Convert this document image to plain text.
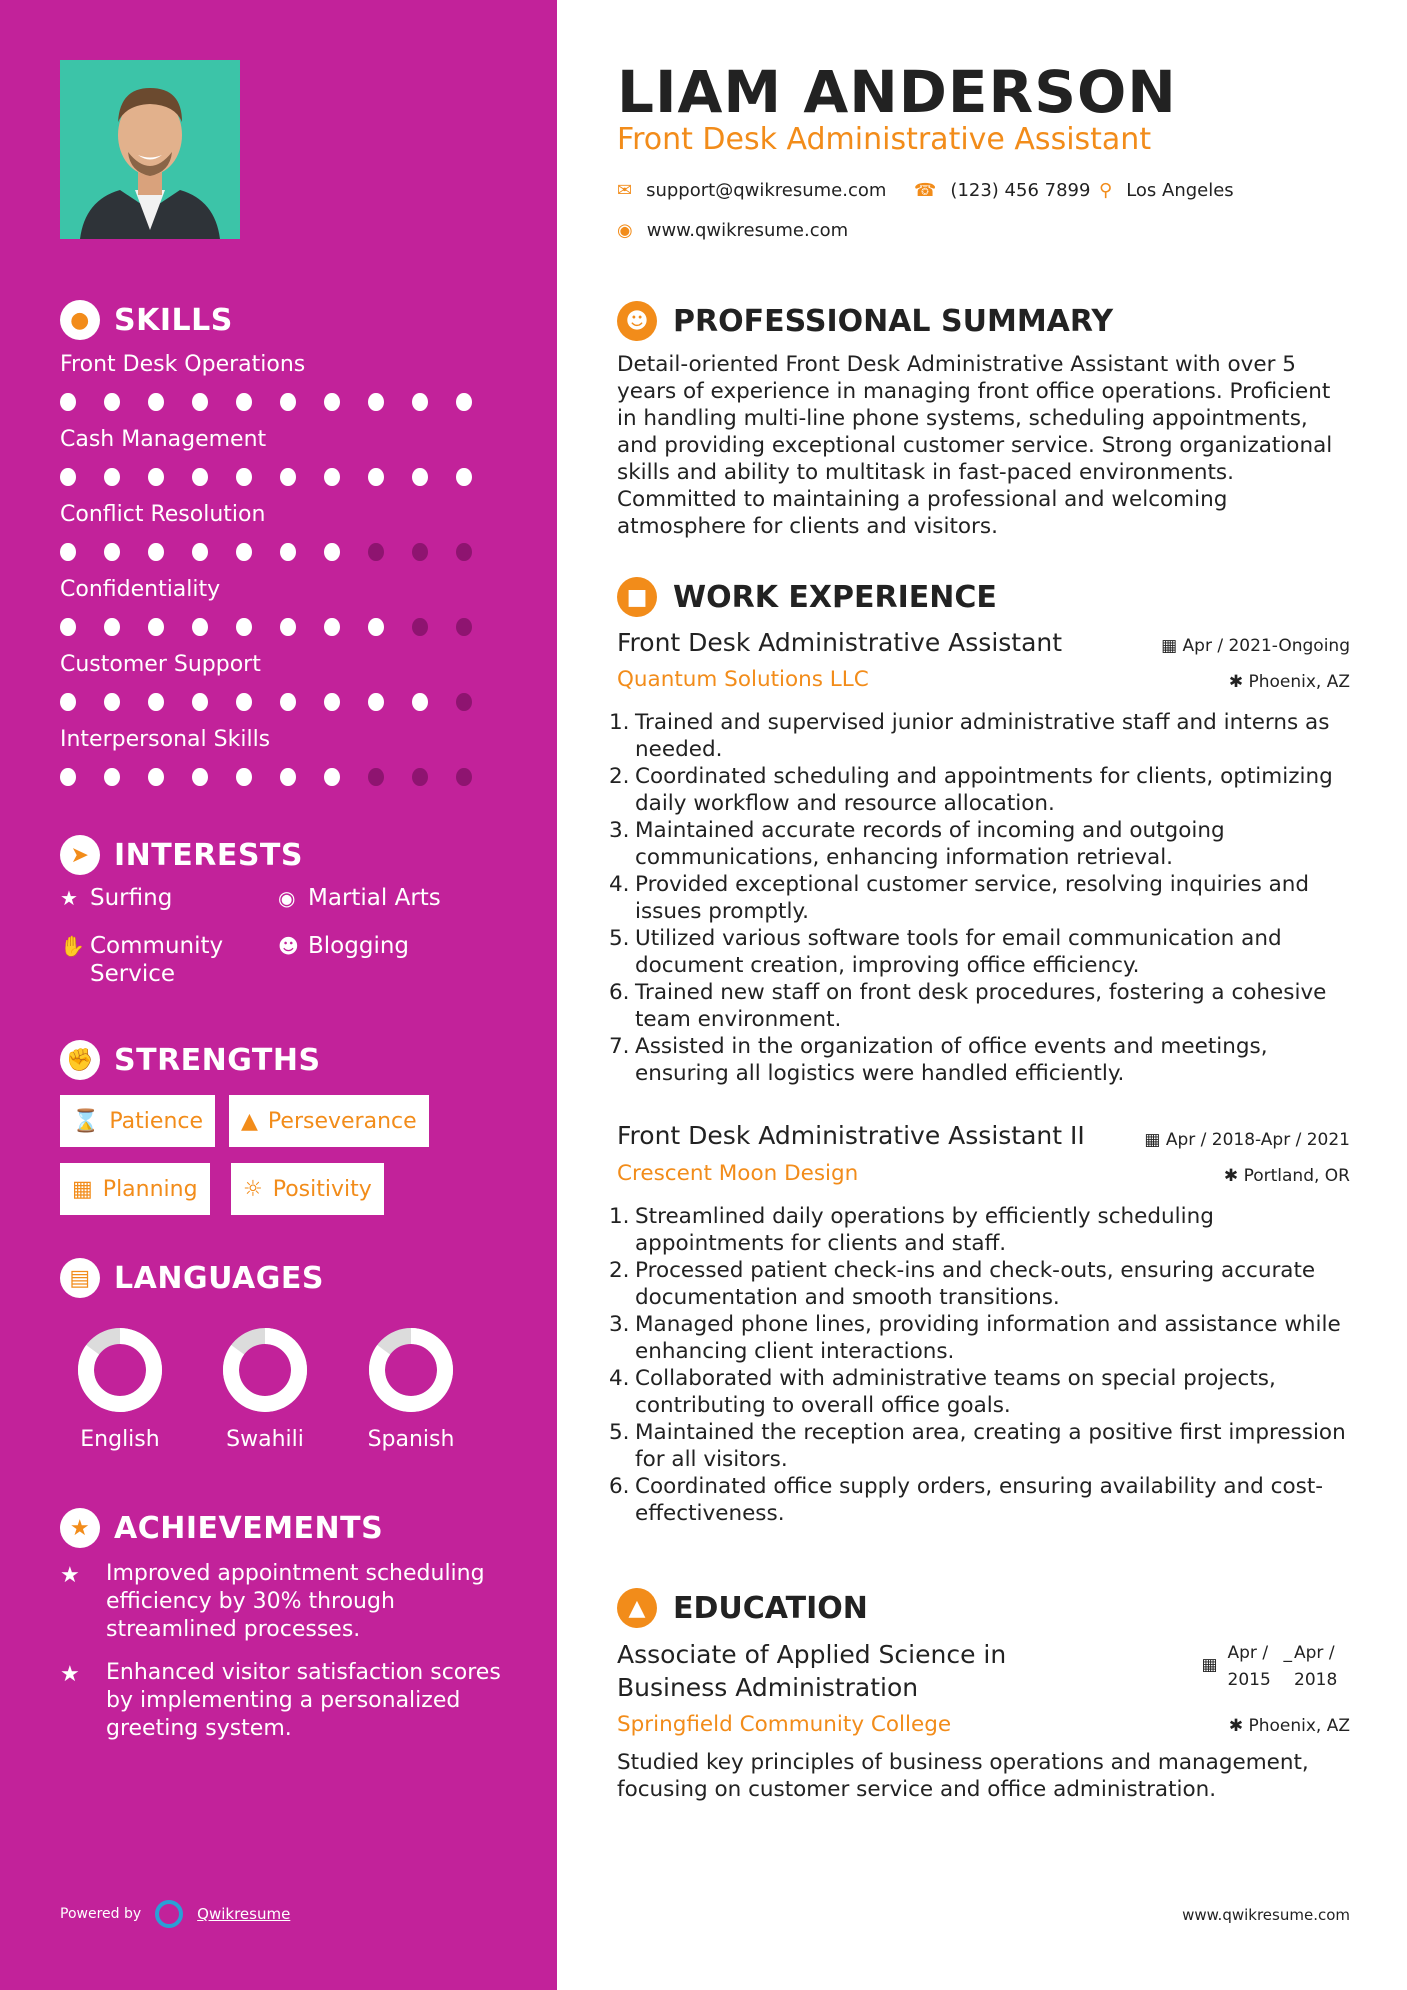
● SKILLS
Front Desk Operations
Cash Management
Conflict Resolution
Confidentiality
Customer Support
Interpersonal Skills
➤ INTERESTS
★ Surfing	◉ Martial Arts
✋ Community Service
☻ Blogging
✊ STRENGTHS
⌛ Patience ▲ Perseverance
▦ Planning ☼ Positivity
▤ LANGUAGES
English	Swahili	Spanish
★ ACHIEVEMENTS
★	Improved appointment scheduling efficiency by 30% through streamlined processes.
★	Enhanced visitor satisfaction scores by implementing a personalized greeting system.
Powered by	Qwikresume
LIAM ANDERSON
Front Desk Administrative Assistant
✉ support@qwikresume.com ☎ (123) 456 7899 ⚲ Los Angeles
◉ www.qwikresume.com
☻ PROFESSIONAL SUMMARY
Detail-oriented Front Desk Administrative Assistant with over 5 years of experience in managing front office operations. Proficient in handling multi-line phone systems, scheduling appointments, and providing exceptional customer service. Strong organizational skills and ability to multitask in fast-paced environments. Committed to maintaining a professional and welcoming atmosphere for clients and visitors.
■ WORK EXPERIENCE
Front Desk Administrative Assistant	▦ Apr / 2021-Ongoing
Quantum Solutions LLC	✱ Phoenix, AZ
1. Trained and supervised junior administrative staff and interns as needed.
2. Coordinated scheduling and appointments for clients, optimizing daily workflow and resource allocation.
3. Maintained accurate records of incoming and outgoing communications, enhancing information retrieval.
4. Provided exceptional customer service, resolving inquiries and issues promptly.
5. Utilized various software tools for email communication and document creation, improving office efficiency.
6. Trained new staff on front desk procedures, fostering a cohesive team environment.
7. Assisted in the organization of office events and meetings, ensuring all logistics were handled efficiently.
Front Desk Administrative Assistant II	▦ Apr / 2018-Apr / 2021
Crescent Moon Design	✱ Portland, OR
1. Streamlined daily operations by efficiently scheduling appointments for clients and staff.
2. Processed patient check-ins and check-outs, ensuring accurate documentation and smooth transitions.
3. Managed phone lines, providing information and assistance while enhancing client interactions.
4. Collaborated with administrative teams on special projects, contributing to overall office goals.
5. Maintained the reception area, creating a positive first impression for all visitors.
6. Coordinated office supply orders, ensuring availability and cost-effectiveness.
▲ EDUCATION
Associate of Applied Science in
Business Administration
▦
Apr / 2015
_ Apr / 2018
Springfield Community College	✱ Phoenix, AZ
Studied key principles of business operations and management, focusing on customer service and office administration.
www.qwikresume.com
